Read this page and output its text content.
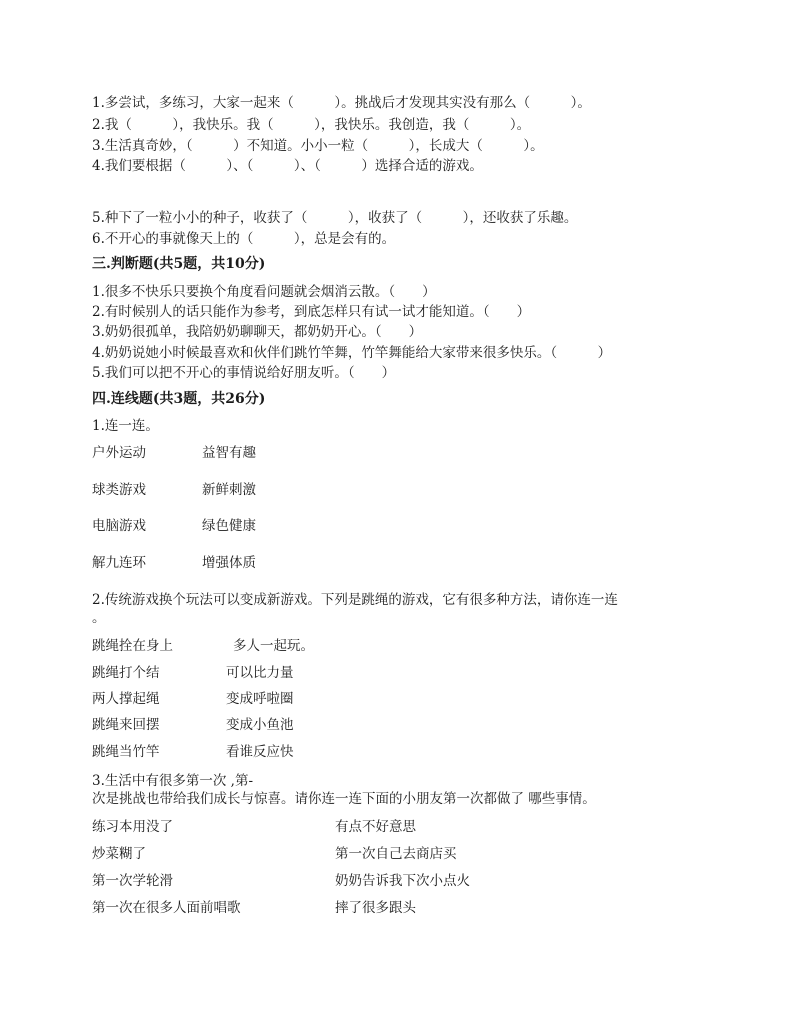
1.多尝试，多练习，大家一起来（　　　）。挑战后才发现其实没有那么（　　　）。

2.我（　　　），我快乐。我（　　　），我快乐。我创造，我（　　　）。

3.生活真奇妙，（　　　）不知道。小小一粒（　　　），长成大（　　　）。

4.我们要根据（　　　）、（　　　）、（　　　）选择合适的游戏。

5.种下了一粒小小的种子，收获了（　　　），收获了（　　　），还收获了乐趣。

6.不开心的事就像天上的（　　　），总是会有的。

三.判断题(共5题，共10分)

1.很多不快乐只要换个角度看问题就会烟消云散。（　　）

2.有时候别人的话只能作为参考，到底怎样只有试一试才能知道。（　　）

3.奶奶很孤单，我陪奶奶聊聊天，都奶奶开心。（　　）

4.奶奶说她小时候最喜欢和伙伴们跳竹竿舞，竹竿舞能给大家带来很多快乐。（　　　）

5.我们可以把不开心的事情说给好朋友听。（　　）

四.连线题(共3题，共26分)

1.连一连。

户外运动	益智有趣

球类游戏	新鲜刺激

电脑游戏	绿色健康

解九连环	增强体质

2.传统游戏换个玩法可以变成新游戏。下列是跳绳的游戏，它有很多种方法，请你连一连

。

跳绳拴在身上	多人一起玩。

跳绳打个结	可以比力量

两人撑起绳	变成呼啦圈

跳绳来回摆	变成小鱼池

跳绳当竹竿	看谁反应快

3.生活中有很多第一次 ,第-

次是挑战也带给我们成长与惊喜。请你连一连下面的小朋友第一次都做了 哪些事情。

练习本用没了	有点不好意思

炒菜糊了	第一次自己去商店买

第一次学轮滑	奶奶告诉我下次小点火

第一次在很多人面前唱歌	摔了很多跟头
